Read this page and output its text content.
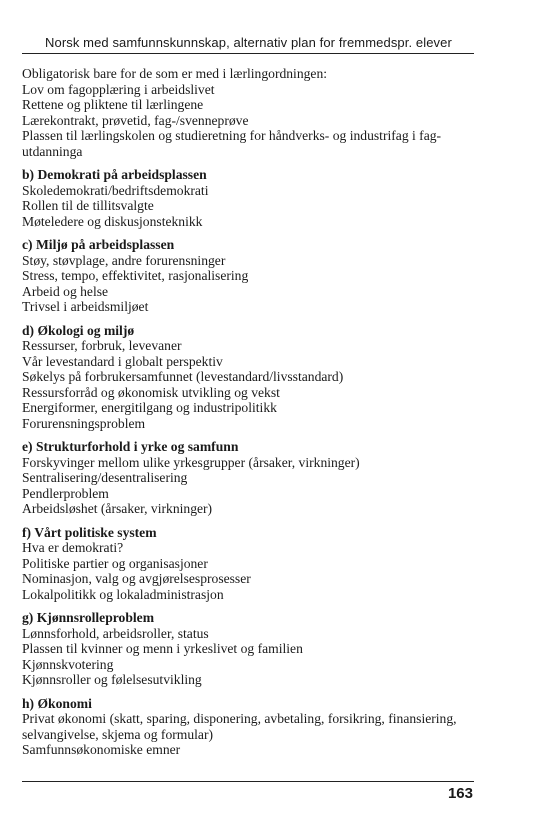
Norsk med samfunnskunnskap, alternativ plan for fremmedspr. elever

Obligatorisk bare for de som er med i lærlingordningen:

Lov om fagopplæring i arbeidslivet

Rettene og pliktene til lærlingene

Lærekontrakt, prøvetid, fag-/svenneprøve

Plassen til lærlingskolen og studieretning for håndverks- og industrifag i fag-utdanninga

b) Demokrati på arbeidsplassen

Skoledemokrati/bedriftsdemokrati

Rollen til de tillitsvalgte

Møteledere og diskusjonsteknikk

c) Miljø på arbeidsplassen

Støy, støvplage, andre forurensninger

Stress, tempo, effektivitet, rasjonalisering

Arbeid og helse

Trivsel i arbeidsmiljøet

d) Økologi og miljø

Ressurser, forbruk, levevaner

Vår levestandard i globalt perspektiv

Søkelys på forbrukersamfunnet (levestandard/livsstandard)

Ressursforråd og økonomisk utvikling og vekst

Energiformer, energitilgang og industripolitikk

Forurensningsproblem

e) Strukturforhold i yrke og samfunn

Forskyvinger mellom ulike yrkesgrupper (årsaker, virkninger)

Sentralisering/desentralisering

Pendlerproblem

Arbeidsløshet (årsaker, virkninger)

f) Vårt politiske system

Hva er demokrati?

Politiske partier og organisasjoner

Nominasjon, valg og avgjørelsesprosesser

Lokalpolitikk og lokaladministrasjon

g) Kjønnsrolleproblem

Lønnsforhold, arbeidsroller, status

Plassen til kvinner og menn i yrkeslivet og familien

Kjønnskvotering

Kjønnsroller og følelsesutvikling

h) Økonomi

Privat økonomi (skatt, sparing, disponering, avbetaling, forsikring, finansiering, selvangivelse, skjema og formular)

Samfunnsøkonomiske emner

163
